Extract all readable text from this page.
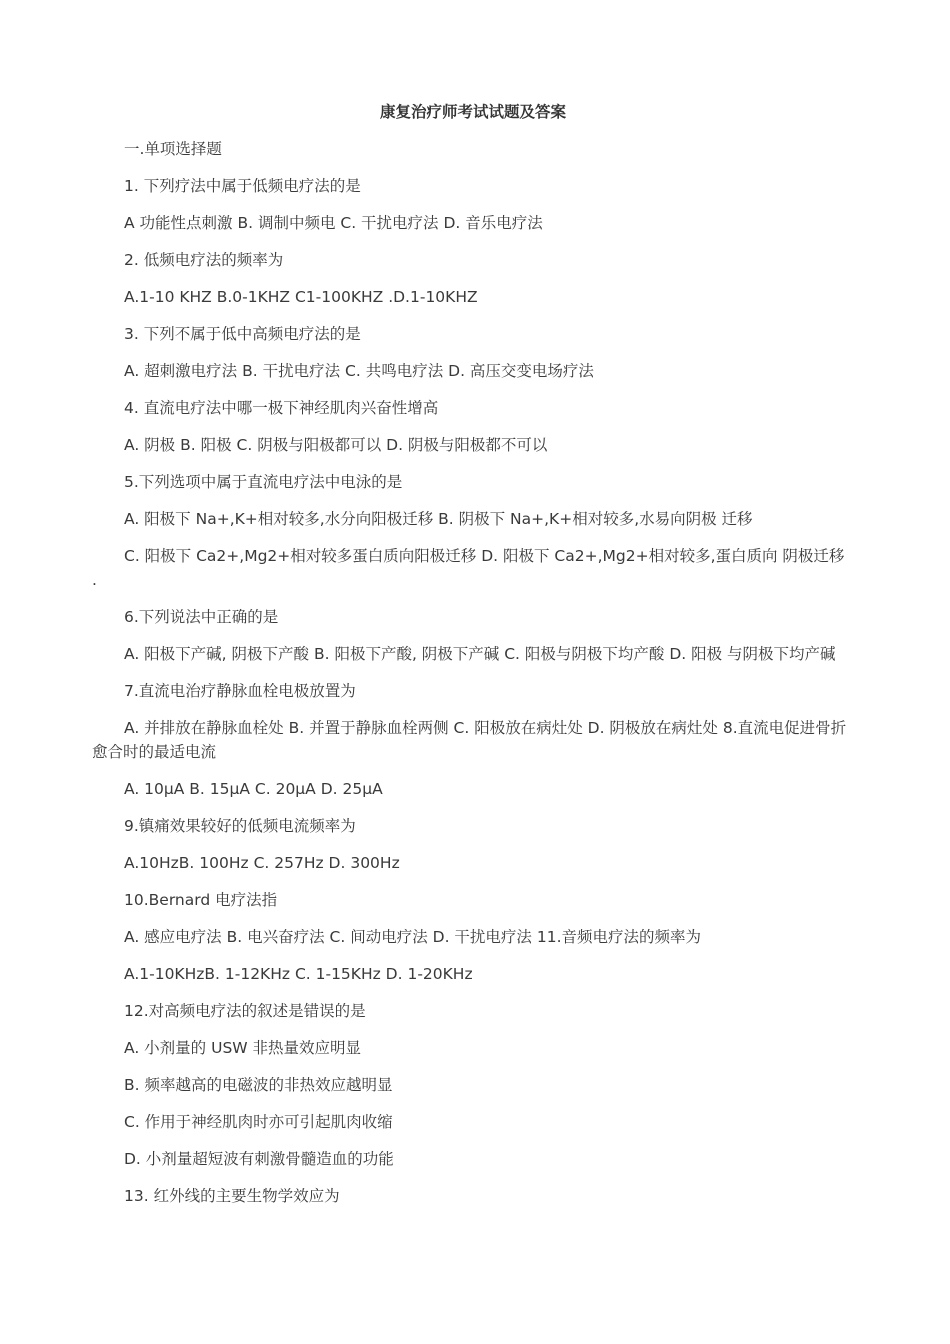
康复治疗师考试试题及答案

一.单项选择题

1. 下列疗法中属于低频电疗法的是

A 功能性点刺激 B. 调制中频电 C. 干扰电疗法 D. 音乐电疗法

2. 低频电疗法的频率为

A.1-10 KHZ B.0-1KHZ C1-100KHZ .D.1-10KHZ

3. 下列不属于低中高频电疗法的是

A. 超刺激电疗法 B. 干扰电疗法 C. 共鸣电疗法 D. 高压交变电场疗法

4. 直流电疗法中哪一极下神经肌肉兴奋性增高

A. 阴极 B. 阳极 C. 阴极与阳极都可以 D. 阴极与阳极都不可以

5.下列选项中属于直流电疗法中电泳的是

A. 阳极下 Na+,K+相对较多,水分向阳极迁移 B. 阴极下 Na+,K+相对较多,水易向阴极 迁移

C. 阳极下 Ca2+,Mg2+相对较多蛋白质向阳极迁移 D. 阳极下 Ca2+,Mg2+相对较多,蛋白质向 阴极迁移 .

6.下列说法中正确的是

A. 阳极下产碱, 阴极下产酸 B. 阳极下产酸, 阴极下产碱 C. 阳极与阴极下均产酸 D. 阳极 与阴极下均产碱

7.直流电治疗静脉血栓电极放置为

A. 并排放在静脉血栓处 B. 并置于静脉血栓两侧 C. 阳极放在病灶处 D. 阴极放在病灶处 8.直流电促进骨折愈合时的最适电流

A. 10μA B. 15μA C. 20μA D. 25μA

9.镇痛效果较好的低频电流频率为

A.10HzB. 100Hz C. 257Hz D. 300Hz

10.Bernard 电疗法指

A. 感应电疗法 B. 电兴奋疗法 C. 间动电疗法 D. 干扰电疗法 11.音频电疗法的频率为

A.1-10KHzB. 1-12KHz C. 1-15KHz D. 1-20KHz

12.对高频电疗法的叙述是错误的是

A. 小剂量的 USW 非热量效应明显

B. 频率越高的电磁波的非热效应越明显

C. 作用于神经肌肉时亦可引起肌肉收缩

D. 小剂量超短波有刺激骨髓造血的功能

13. 红外线的主要生物学效应为
